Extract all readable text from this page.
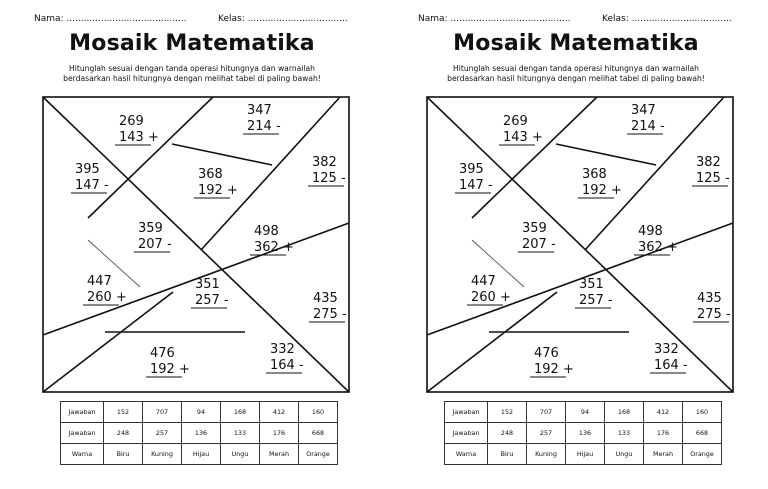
Nama: ..........................................	Kelas: ...................................
Mosaik Matematika
Hitunglah sesuai dengan tanda operasi hitungnya dan warnailah
berdasarkan hasil hitungnya dengan melihat tabel di paling bawah!
269
143 +
347
214 -
395
147 -
368
192 +
382
125 -
359
207 -
498
362 +
447
260 +
351
257 -	435
275 -
476
192 +
332
164 -
Jawaban	152	707	94	168	412	160
Jawaban	248	257	136	133	176	668
Warna	Biru	Kuning	Hijau	Ungu	Merah	Orange
Nama: ..........................................	Kelas: ...................................
Mosaik Matematika
Hitunglah sesuai dengan tanda operasi hitungnya dan warnailah
berdasarkan hasil hitungnya dengan melihat tabel di paling bawah!
269
143 +
347
214 -
395
147 -
368
192 +
382
125 -
359
207 -
498
362 +
447
260 +
351
257 -	435
275 -
476
192 +
332
164 -
Jawaban	152	707	94	168	412	160
Jawaban	248	257	136	133	176	668
Warna	Biru	Kuning	Hijau	Ungu	Merah	Orange
